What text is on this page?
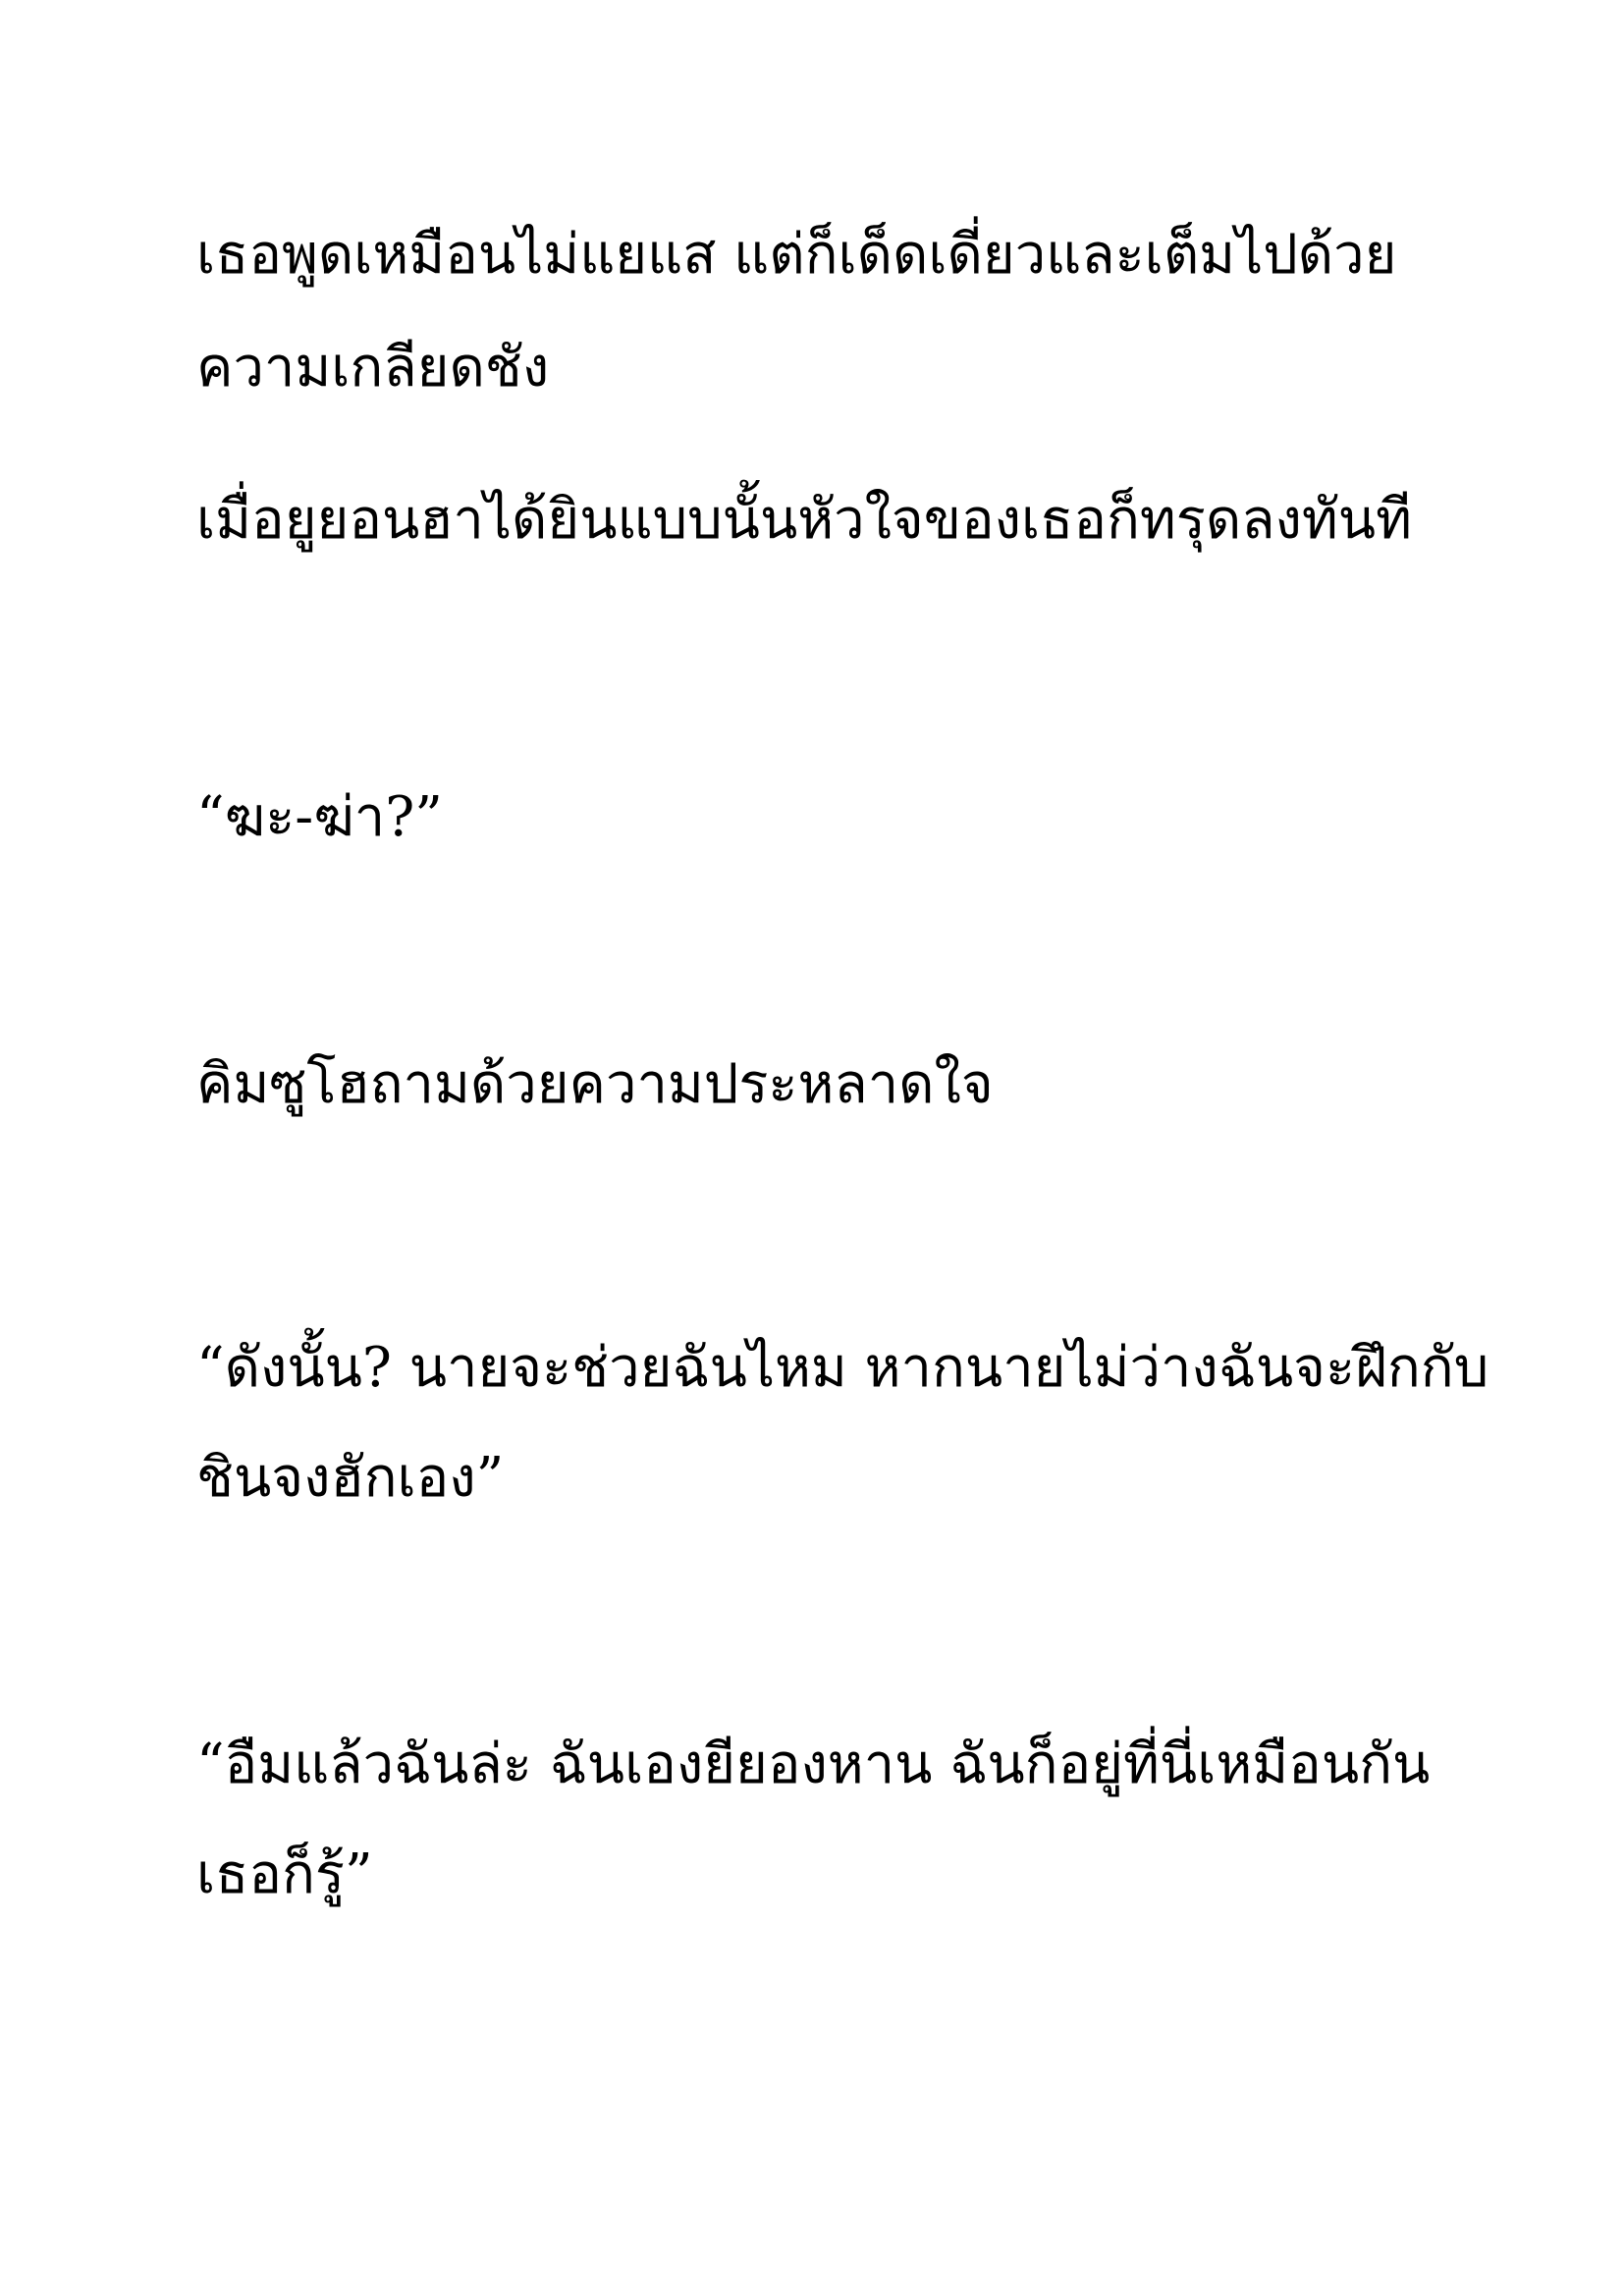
เธอพูดเหมือนไม่แยแส แต่ก็เด็ดเดี่ยวและเต็มไปด้วย
ความเกลียดชัง
เมื่อยูยอนฮาได้ยินแบบนั้นหัวใจของเธอก็ทรุดลงทันที
“ฆะ-ฆ่า?”
คิมซูโฮถามด้วยความประหลาดใจ
“ดังนั้น? นายจะช่วยฉันไหม หากนายไม่ว่างฉันจะฝึกกับ
ชินจงฮักเอง”
“อืมแล้วฉันล่ะ ฉันเองยียองหาน ฉันก็อยู่ที่นี่เหมือนกัน
เธอก็รู้”
